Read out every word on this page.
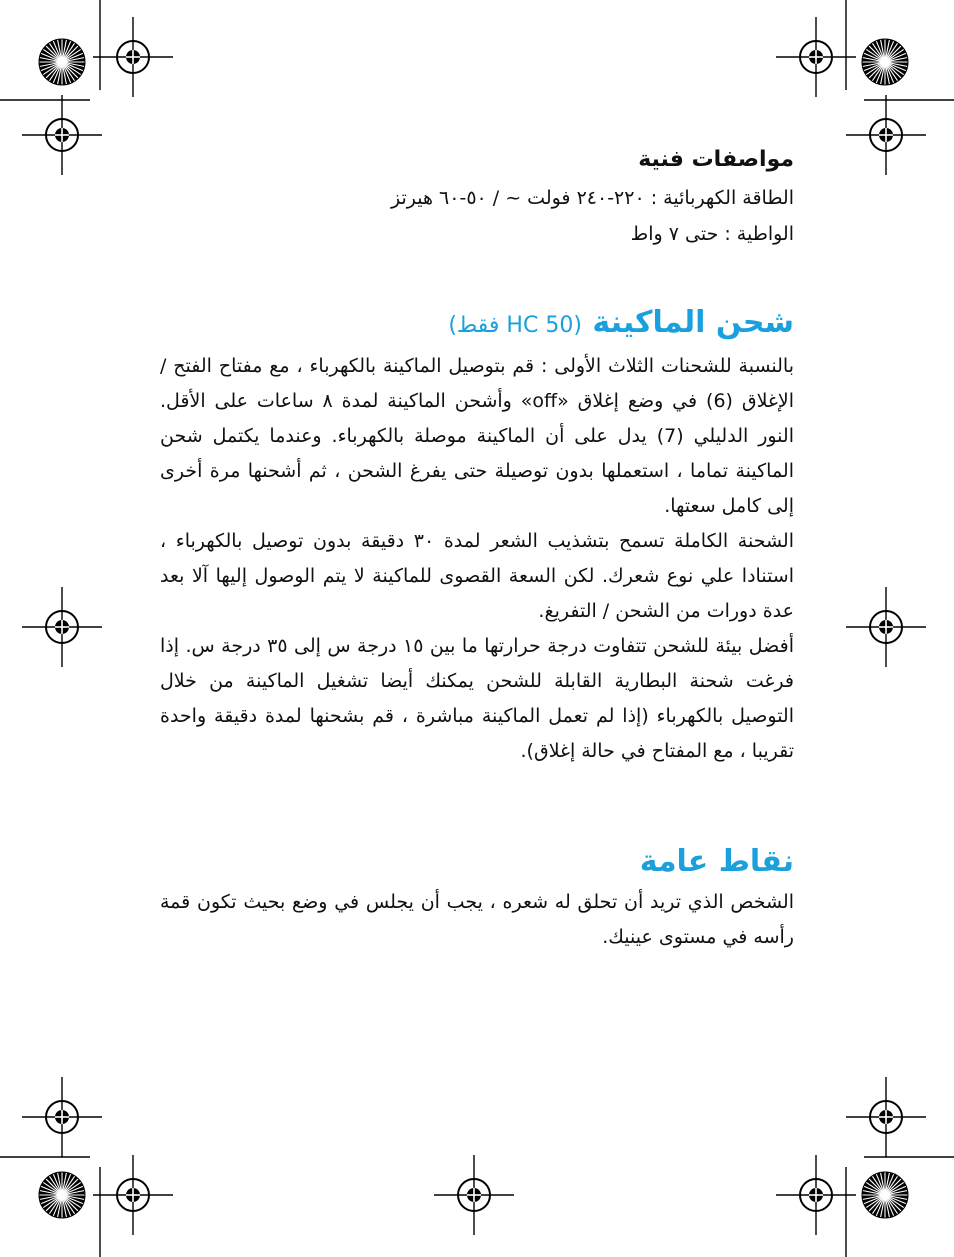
مواصفات فنية

الطاقة الكهربائية : ٢٢٠-٢٤٠ فولت ~ / ٥٠-٦٠ هيرتز

الواطية : حتى ٧ واط

شحن الماكينة (HC 50 فقط)

بالنسبة للشحنات الثلاث الأولى : قم بتوصيل الماكينة بالكهرباء ، مع مفتاح الفتح / الإغلاق (6) في وضع إغلاق «off» وأشحن الماكينة لمدة ٨ ساعات على الأقل. النور الدليلي (7) يدل على أن الماكينة موصلة بالكهرباء. وعندما يكتمل شحن الماكينة تماما ، استعملها بدون توصيلة حتى يفرغ الشحن ، ثم أشحنها مرة أخرى إلى كامل سعتها.

الشحنة الكاملة تسمح بتشذيب الشعر لمدة ٣٠ دقيقة بدون توصيل بالكهرباء ، استنادا علي نوع شعرك. لكن السعة القصوى للماكينة لا يتم الوصول إليها آلا بعد عدة دورات من الشحن / التفريغ.

أفضل بيئة للشحن تتفاوت درجة حرارتها ما بين ١٥ درجة س إلى ٣٥ درجة س. إذا فرغت شحنة البطارية القابلة للشحن يمكنك أيضا تشغيل الماكينة من خلال التوصيل بالكهرباء (إذا لم تعمل الماكينة مباشرة ، قم بشحنها لمدة دقيقة واحدة تقريبا ، مع المفتاح في حالة إغلاق).

نقاط عامة

الشخص الذي تريد أن تحلق له شعره ، يجب أن يجلس في وضع بحيث تكون قمة رأسه في مستوى عينيك.
